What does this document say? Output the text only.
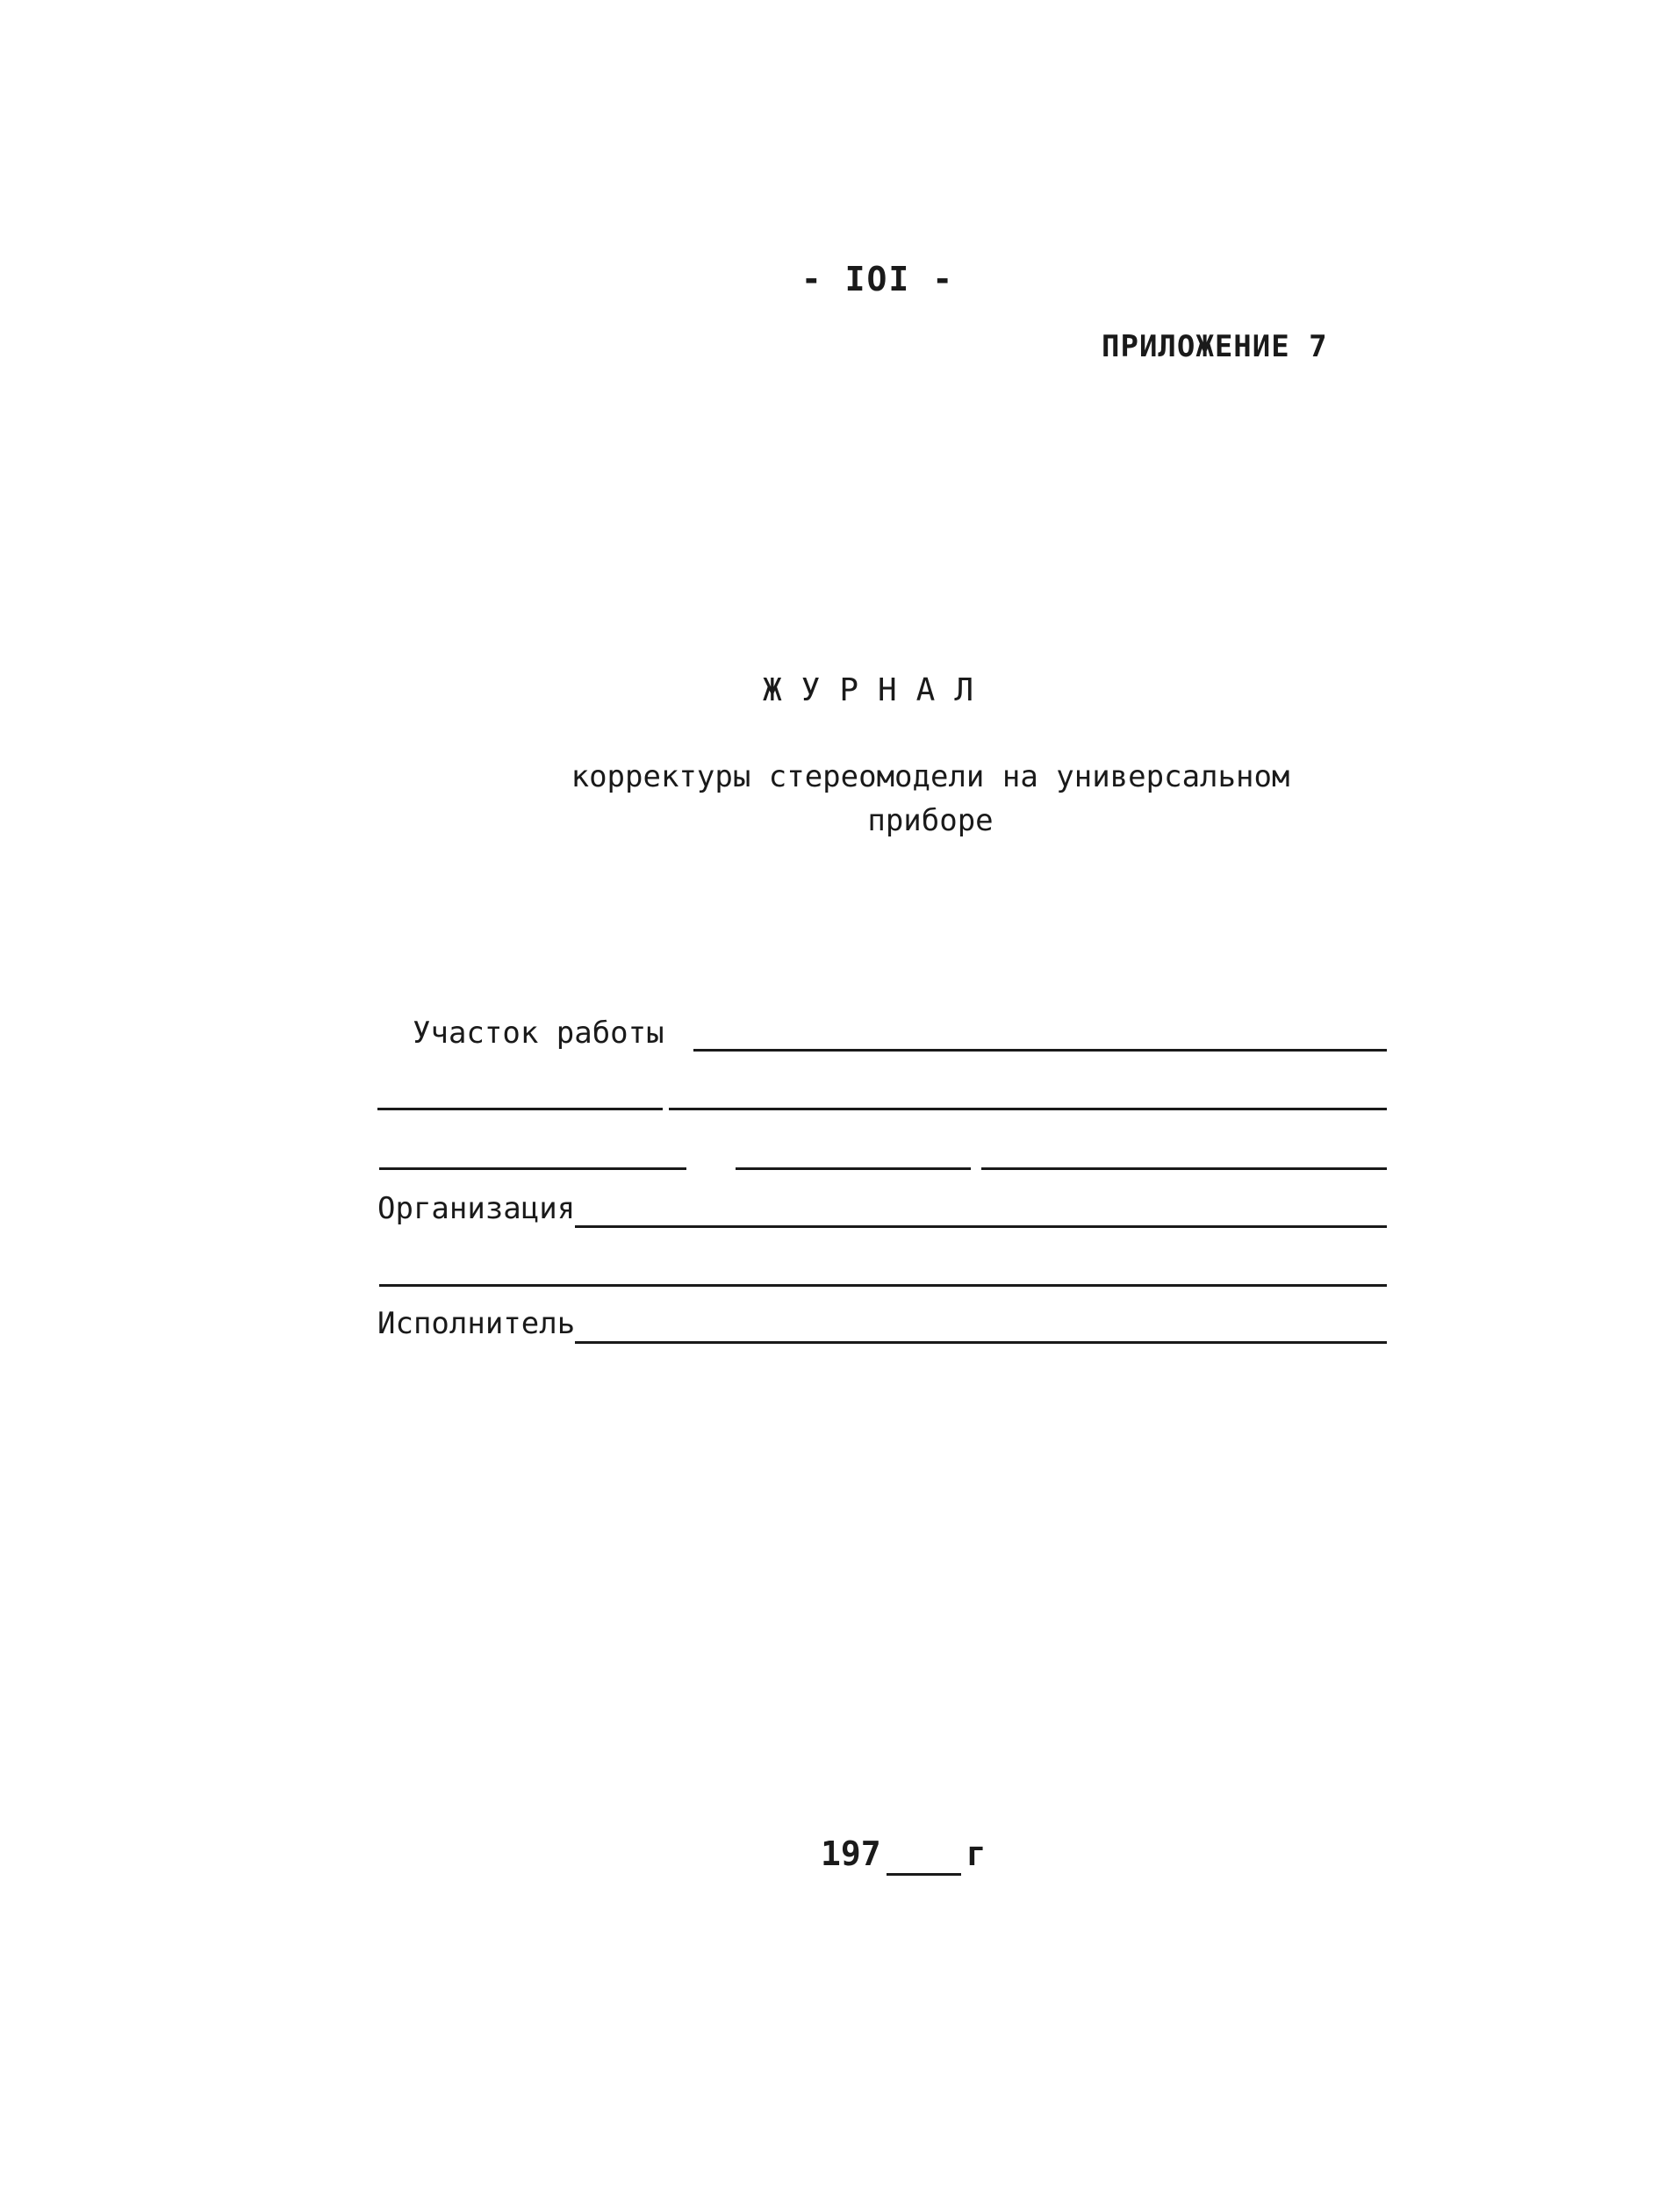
- IOI -
ПРИЛОЖЕНИЕ 7
ЖУРНАЛ
корректуры стереомодели на универсальном
приборе
Участок работы
Организация
Исполнитель
197	г
